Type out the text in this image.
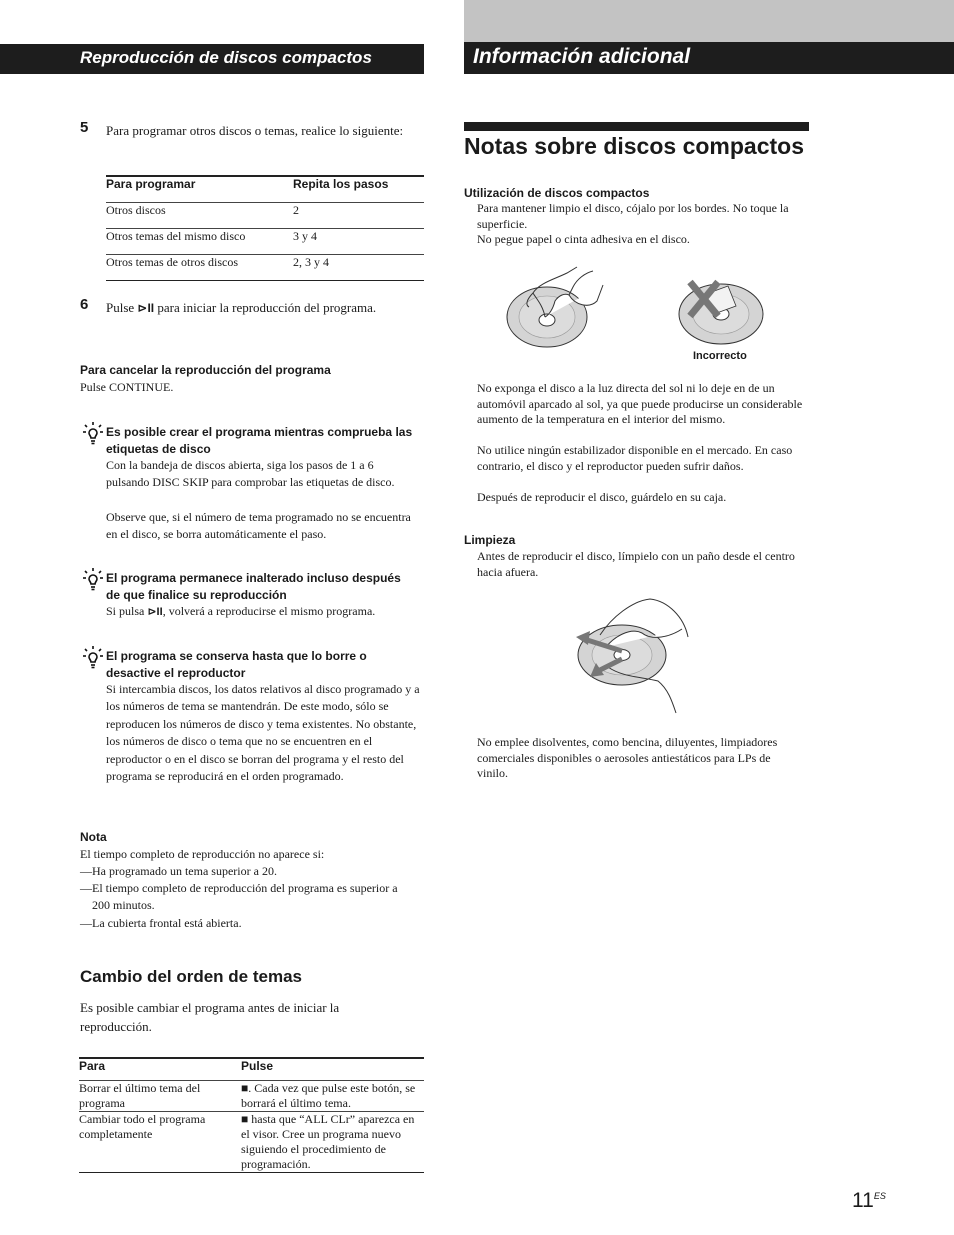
Reproducción de discos compactos	Información adicional
5 Para programar otros discos o temas, realice lo siguiente:
Para programar	Repita los pasos
Otros discos	2
Otros temas del mismo disco	3 y 4
Otros temas de otros discos	2, 3 y 4
6 Pulse ⊳II para iniciar la reproducción del programa.
Para cancelar la reproducción del programa
Pulse CONTINUE.
Es posible crear el programa mientras comprueba las etiquetas de disco
Con la bandeja de discos abierta, siga los pasos de 1 a 6 pulsando DISC SKIP para comprobar las etiquetas de disco.
Observe que, si el número de tema programado no se encuentra en el disco, se borra automáticamente el paso.
El programa permanece inalterado incluso después de que finalice su reproducción
Si pulsa ⊳II, volverá a reproducirse el mismo programa.
El programa se conserva hasta que lo borre o desactive el reproductor
Si intercambia discos, los datos relativos al disco programado y a los números de tema se mantendrán. De este modo, sólo se reproducen los números de disco y tema existentes. No obstante, los números de disco o tema que no se encuentren en el reproductor o en el disco se borran del programa y el resto del programa se reproducirá en el orden programado.
Nota
El tiempo completo de reproducción no aparece si:
—Ha programado un tema superior a 20.
—El tiempo completo de reproducción del programa es superior a 200 minutos.
—La cubierta frontal está abierta.
Cambio del orden de temas
Es posible cambiar el programa antes de iniciar la reproducción.
Para	Pulse
Borrar el último tema del programa	■. Cada vez que pulse este botón, se borrará el último tema.
Cambiar todo el programa completamente	■ hasta que “ALL CLr” aparezca en el visor. Cree un programa nuevo siguiendo el procedimiento de programación.
Notas sobre discos compactos
Utilización de discos compactos
Para mantener limpio el disco, cójalo por los bordes. No toque la superficie.
No pegue papel o cinta adhesiva en el disco.
Incorrecto
No exponga el disco a la luz directa del sol ni lo deje en de un automóvil aparcado al sol, ya que puede producirse un considerable aumento de la temperatura en el interior del mismo.
No utilice ningún estabilizador disponible en el mercado. En caso contrario, el disco y el reproductor pueden sufrir daños.
Después de reproducir el disco, guárdelo en su caja.
Limpieza
Antes de reproducir el disco, límpielo con un paño desde el centro hacia afuera.
No emplee disolventes, como bencina, diluyentes, limpiadores comerciales disponibles o aerosoles antiestáticos para LPs de vinilo.
$11^{ES}$
